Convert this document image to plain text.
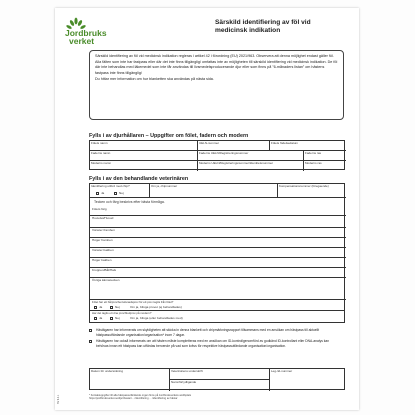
Jordbruks
verket
Särskild identifiering av föl vid
medicinsk indikation

Särskild identifiering av föl vid medicinsk indikation regleras i artikel 42 i förordning (EU) 2021/963. Observera att denna möjlighet endast gäller föl. Alla fälten som inte har fastpass eller där det inte finns tillgänglig/ omfattas inte av möjligheten till särskild identifiering vid medicinsk indikation. De föl där inte behandlas med läkemedel som inte får användas till livsmedelsproducerande djur eller som finns på "6-månaders listan" om hästens fastpass inte finns tillgänglig/

Du hittar mer information om hur blanketten ska användas på nästa sida.

Fylls i av djurhållaren – Uppgifter om fölet, fadern och modern
Fölets namn	UELN-nummer	Fölets födelsedatum
Faderns namn	Faderns UELN/Registreringsnummer	Faderns ras
Moderns namn	Moderns UELN/Registreringsnummer/Identitetsnummer	Moderns ras
Fylls i av den behandlande veterinären
Identifiering utförd med chip?
Ja	Nej
Om ja, chipnummer	Kompensationsnummer (föregaende)
Tecken och färg beskrivs efter bästa förmåga.
Fölets färg
Huvudet/Huvud
Vänster framben
Höger framben
Vänster bakben
Höger bakben
Kroppen/Bål/Hals
Övriga kännetecken
Fölet har ett hårprov/benvävnadsprov för ett prov tagits från fölet?
Ja	Nej	Om ja, bifoga provet (ej behandlades)
Har det tagits ett dna prov/blodprov på modern?
Ja	Nej	Om ja, bifoga (eller behandlades med)
Hästägaren har informerats om skyldigheten att skicka in denna blankett och chipmärkningsrapport tillsammans med en ansökan om hästpass till aktuellt hästpassutfärdande organisation/organisation* inom 7 dagar.
Hästägaren har också informerats om att hästen måste kompletteras med en ansökan om ID-kontrollgenomförd av godkänd ID-kontrollant eller DNA-analys kan behövas innan ett hästpass kan utfärdas beroende på vad som krävs för respektive hästpassutfärdande organisation/organisation.
Datum för undersökning	Veterinärens underskrift
Namnförtydligande
Leg-/id-nummer
* Kontaktuppgifter till alla hästpassutfärdande organ finns på Jordbruksverkets webbplats
https://jordbruksverket.se/djur/hastar/... /identifiering ... /identifiering av hästar
SV 6.2.1
